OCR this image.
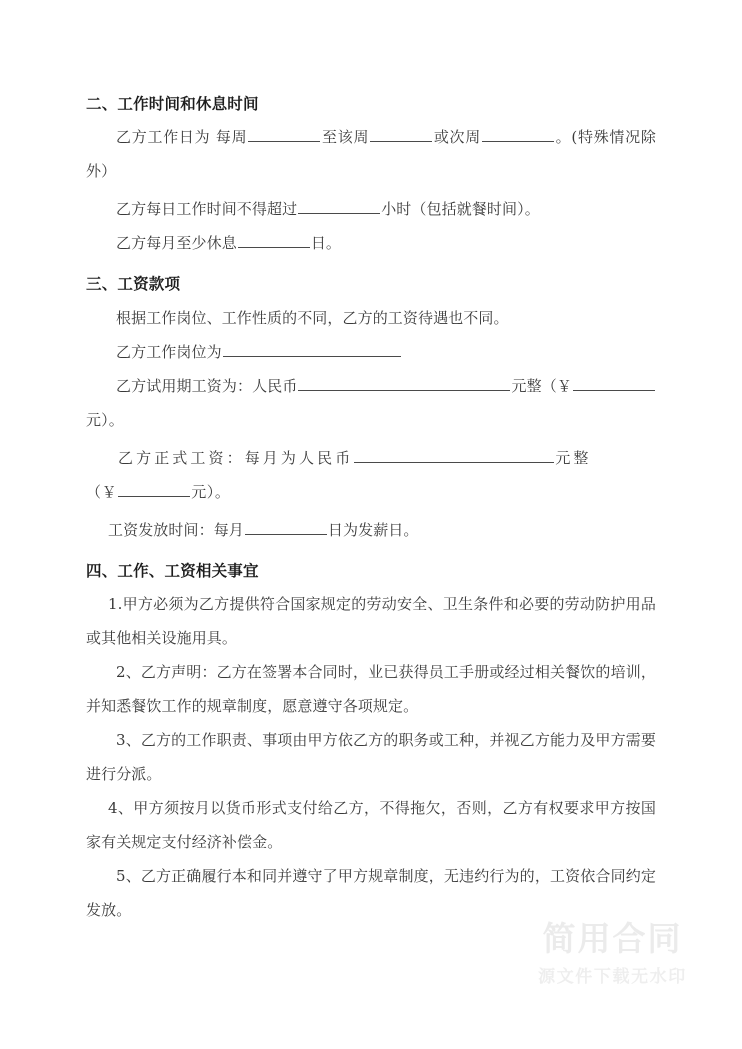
二、工作时间和休息时间

乙方工作日为 每周	至该周	或次周	。(特殊情况除外）

乙方每日工作时间不得超过	小时（包括就餐时间）。

乙方每月至少休息	日。

三、工资款项

根据工作岗位、工作性质的不同，乙方的工资待遇也不同。

乙方工作岗位为

乙方试用期工资为：人民币	元整（￥元）。

乙方正式工资：每月为人民币	元整

（￥	元）。

工资发放时间：每月	日为发薪日。

四、工作、工资相关事宜

1.甲方必须为乙方提供符合国家规定的劳动安全、卫生条件和必要的劳动防护用品或其他相关设施用具。

2、乙方声明：乙方在签署本合同时，业已获得员工手册或经过相关餐饮的培训，并知悉餐饮工作的规章制度，愿意遵守各项规定。

3、乙方的工作职责、事项由甲方依乙方的职务或工种，并视乙方能力及甲方需要进行分派。

4、甲方须按月以货币形式支付给乙方，不得拖欠，否则，乙方有权要求甲方按国家有关规定支付经济补偿金。

5、乙方正确履行本和同并遵守了甲方规章制度，无违约行为的，工资依合同约定发放。

简用合同
源文件下载无水印
